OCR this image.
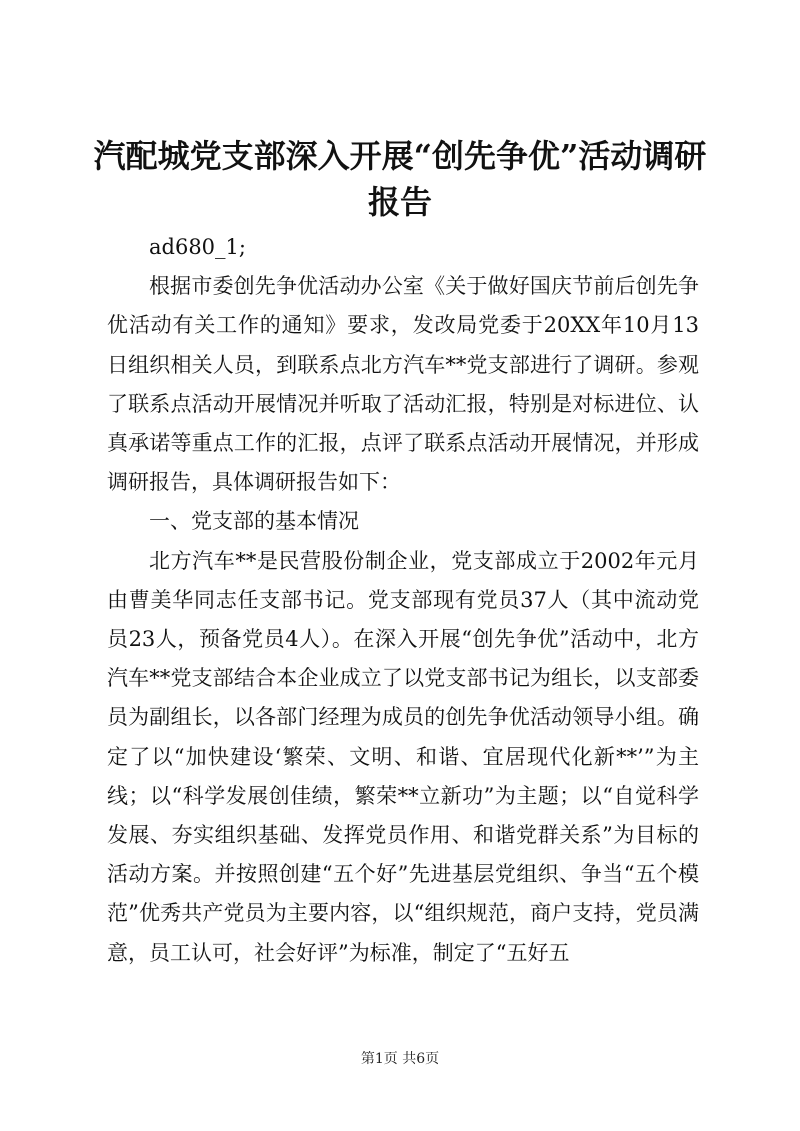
汽配城党支部深入开展“创先争优”活动调研报告

ad680_1;

根据市委创先争优活动办公室《关于做好国庆节前后创先争优活动有关工作的通知》要求，发改局党委于20XX年10月13日组织相关人员，到联系点北方汽车**党支部进行了调研。参观了联系点活动开展情况并听取了活动汇报，特别是对标进位、认真承诺等重点工作的汇报，点评了联系点活动开展情况，并形成调研报告，具体调研报告如下：

一、党支部的基本情况

北方汽车**是民营股份制企业，党支部成立于2002年元月由曹美华同志任支部书记。党支部现有党员37人（其中流动党员23人，预备党员4人）。在深入开展“创先争优”活动中，北方汽车**党支部结合本企业成立了以党支部书记为组长，以支部委员为副组长，以各部门经理为成员的创先争优活动领导小组。确定了以“加快建设‘繁荣、文明、和谐、宜居现代化新**’”为主线；以“科学发展创佳绩，繁荣**立新功”为主题；以“自觉科学发展、夯实组织基础、发挥党员作用、和谐党群关系”为目标的活动方案。并按照创建“五个好”先进基层党组织、争当“五个模范”优秀共产党员为主要内容，以“组织规范，商户支持，党员满意，员工认可，社会好评”为标准，制定了“五好五

第1页 共6页
